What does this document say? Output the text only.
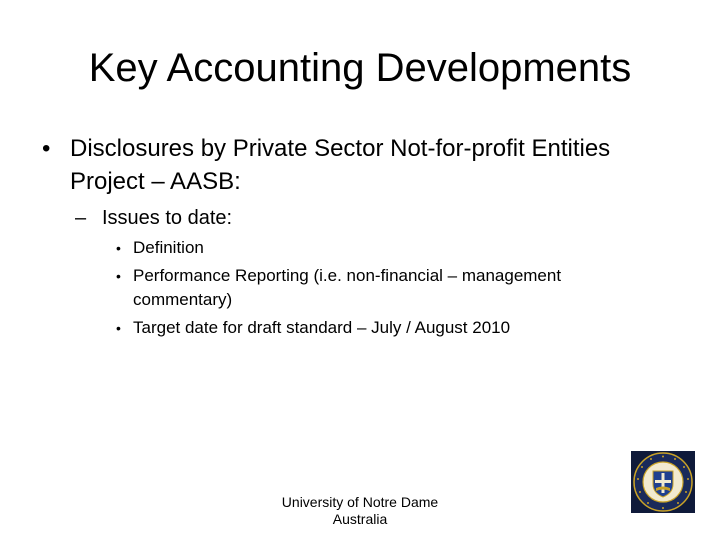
Key Accounting Developments
• Disclosures by Private Sector Not-for-profit Entities Project – AASB:
– Issues to date:
• Definition
• Performance Reporting (i.e. non-financial – management commentary)
• Target date for draft standard – July / August 2010
University of Notre Dame
Australia
